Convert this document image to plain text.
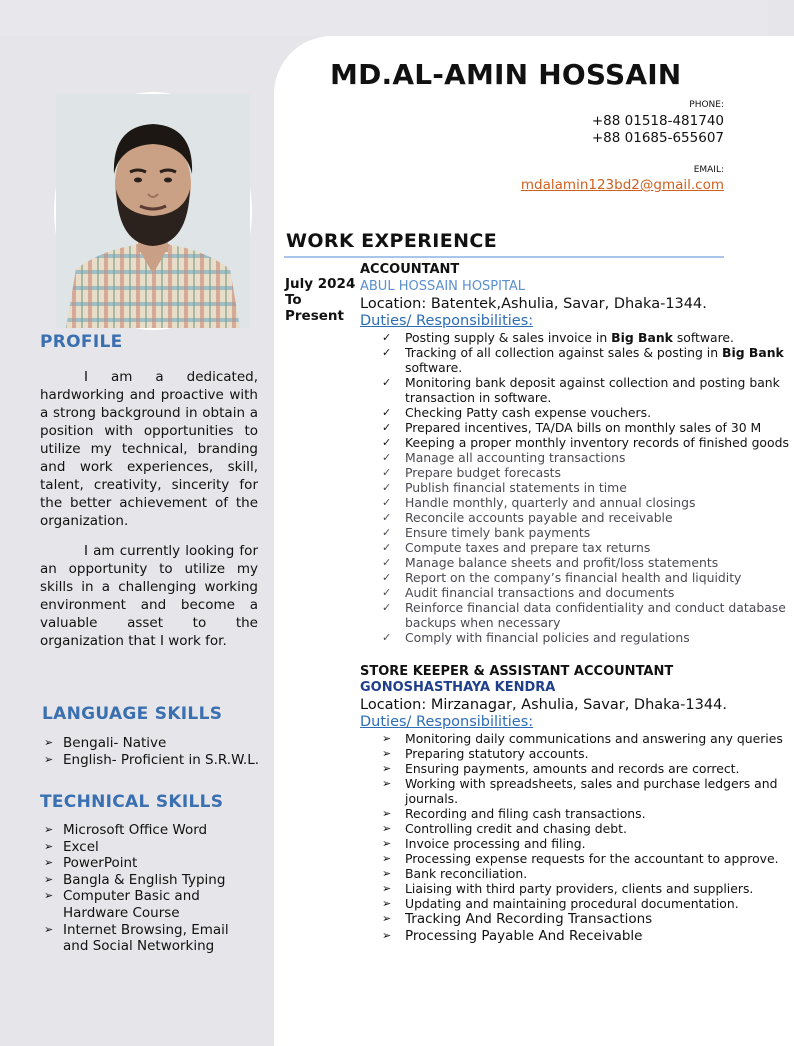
PROFILE

I am a dedicated, hardworking and proactive with a strong background in obtain a position with opportunities to utilize my technical, branding and work experiences, skill, talent, creativity, sincerity for the better achievement of the organization.

I am currently looking for an opportunity to utilize my skills in a challenging working environment and become a valuable asset to the organization that I work for.

LANGUAGE SKILLS
➢ Bengali- Native
➢ English- Proficient in S.R.W.L.
TECHNICAL SKILLS
➢ Microsoft Office Word
➢ Excel
➢ PowerPoint
➢ Bangla & English Typing
➢ Computer Basic and Hardware Course
➢ Internet Browsing, Email and Social Networking
MD.AL-AMIN HOSSAIN
PHONE:
+88 01518-481740
+88 01685-655607
EMAIL:
mdalamin123bd2@gmail.com
WORK EXPERIENCE
July 2024
To
Present
ACCOUNTANT
ABUL HOSSAIN HOSPITAL
Location: Batentek,Ashulia, Savar, Dhaka-1344.
Duties/ Responsibilities:
✓ Posting supply & sales invoice in Big Bank software.
✓ Tracking of all collection against sales & posting in Big Bank
software.
✓ Monitoring bank deposit against collection and posting bank
transaction in software.
✓ Checking Patty cash expense vouchers.
✓ Prepared incentives, TA/DA bills on monthly sales of 30 M
✓ Keeping a proper monthly inventory records of finished goods
✓ Manage all accounting transactions
✓ Prepare budget forecasts
✓ Publish financial statements in time
✓ Handle monthly, quarterly and annual closings
✓ Reconcile accounts payable and receivable
✓ Ensure timely bank payments
✓ Compute taxes and prepare tax returns
✓ Manage balance sheets and profit/loss statements
✓ Report on the company’s financial health and liquidity
✓ Audit financial transactions and documents
✓ Reinforce financial data confidentiality and conduct database
backups when necessary
✓ Comply with financial policies and regulations
STORE KEEPER & ASSISTANT ACCOUNTANT
GONOSHASTHAYA KENDRA
Location: Mirzanagar, Ashulia, Savar, Dhaka-1344.
Duties/ Responsibilities:
➢ Monitoring daily communications and answering any queries
➢ Preparing statutory accounts.
➢ Ensuring payments, amounts and records are correct.
➢ Working with spreadsheets, sales and purchase ledgers and
journals.
➢ Recording and filing cash transactions.
➢ Controlling credit and chasing debt.
➢ Invoice processing and filing.
➢ Processing expense requests for the accountant to approve.
➢ Bank reconciliation.
➢ Liaising with third party providers, clients and suppliers.
➢ Updating and maintaining procedural documentation.
➢ Tracking And Recording Transactions
➢ Processing Payable And Receivable
